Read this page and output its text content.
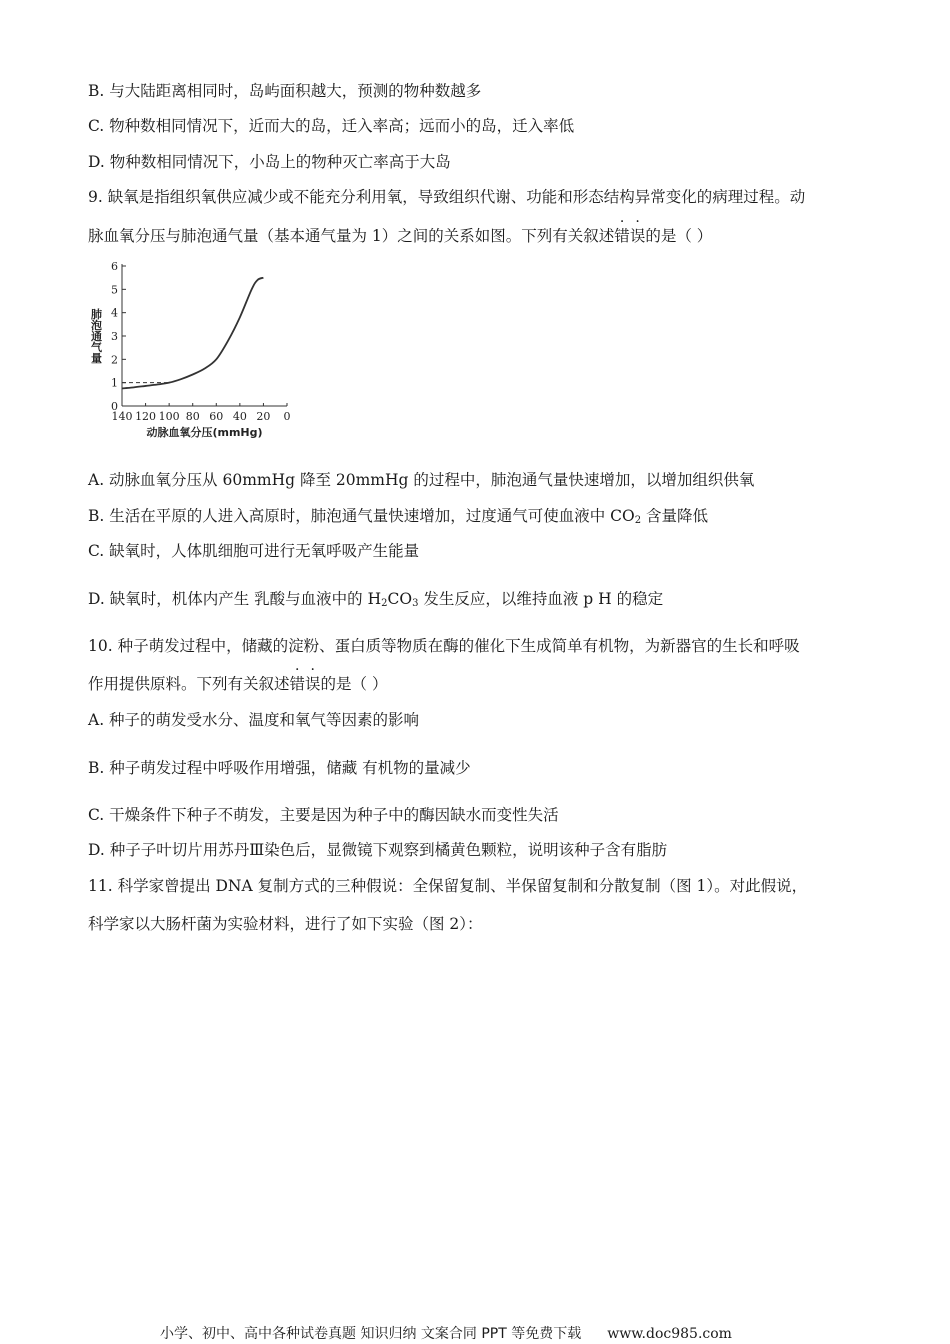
B. 与大陆距离相同时，岛屿面积越大，预测的物种数越多
C. 物种数相同情况下，近而大的岛，迁入率高；远而小的岛，迁入率低
D. 物种数相同情况下，小岛上的物种灭亡率高于大岛
9. 缺氧是指组织氧供应减少或不能充分利用氧，导致组织代谢、功能和形态结构异常变化的病理过程。动
脉血氧分压与肺泡通气量（基本通气量为 1）之间的关系如图。下列有关叙述错误的是（ ）
0
1
2
3
4
5
6
140 120 100 80 60 40 20 0
动脉血氧分压(mmHg)
肺泡通气量
A. 动脉血氧分压从 60mmHg 降至 20mmHg 的过程中，肺泡通气量快速增加，以增加组织供氧
B. 生活在平原的人进入高原时，肺泡通气量快速增加，过度通气可使血液中 $CO_2$ 含量降低
C. 缺氧时，人体肌细胞可进行无氧呼吸产生能量
D. 缺氧时，机体内产生 乳酸与血液中的 $H_2CO_3$ 发生反应，以维持血液 p H 的稳定
10. 种子萌发过程中，储藏的淀粉、蛋白质等物质在酶的催化下生成简单有机物，为新器官的生长和呼吸
作用提供原料。下列有关叙述错误的是（ ）
A. 种子的萌发受水分、温度和氧气等因素的影响
B. 种子萌发过程中呼吸作用增强，储藏 有机物的量减少
C. 干燥条件下种子不萌发，主要是因为种子中的酶因缺水而变性失活
D. 种子子叶切片用苏丹Ⅲ染色后，显微镜下观察到橘黄色颗粒，说明该种子含有脂肪
11. 科学家曾提出 DNA 复制方式的三种假说：全保留复制、半保留复制和分散复制（图 1）。对此假说，
科学家以大肠杆菌为实验材料，进行了如下实验（图 2）：
小学、初中、高中各种试卷真题 知识归纳 文案合同 PPT 等免费下载 www.doc985.com
